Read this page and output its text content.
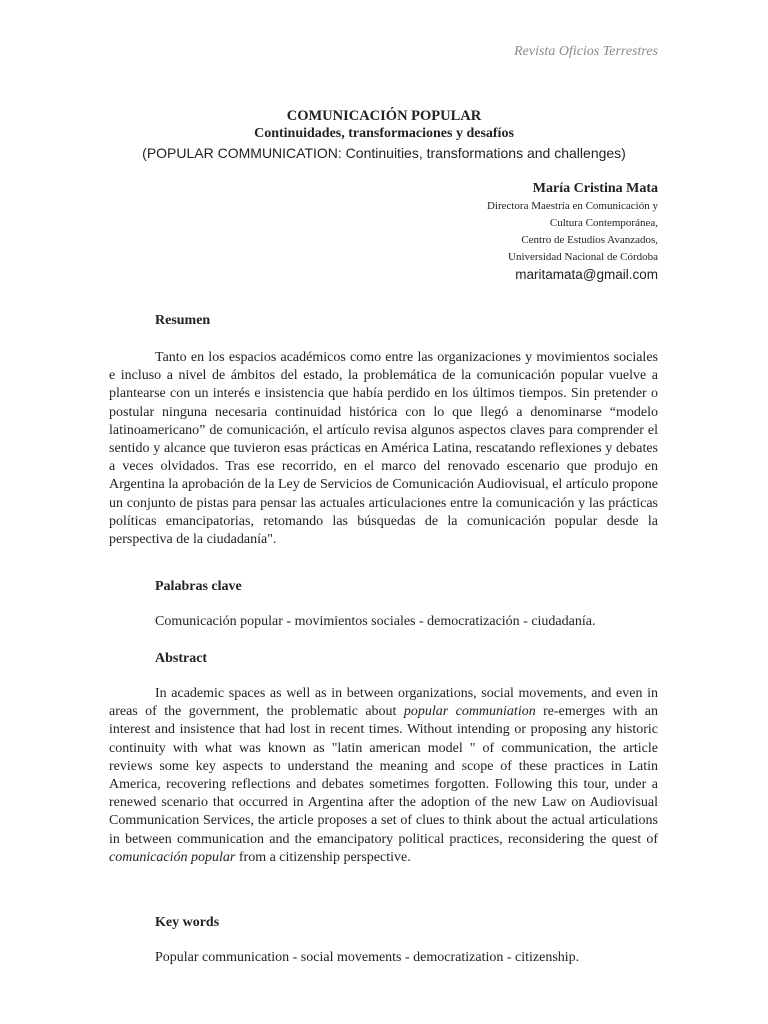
Revista Oficios Terrestres
COMUNICACIÓN POPULAR
Continuidades, transformaciones y desafíos
(POPULAR COMMUNICATION: Continuities, transformations and challenges)
María Cristina Mata
Directora Maestría en Comunicación y
Cultura Contemporánea,
Centro de Estudios Avanzados,
Universidad Nacional de Córdoba
maritamata@gmail.com
Resumen
Tanto en los espacios académicos como entre las organizaciones y movimientos sociales e incluso a nivel de ámbitos del estado, la problemática de la comunicación popular vuelve a plantearse con un interés e insistencia que había perdido en los últimos tiempos. Sin pretender o postular ninguna necesaria continuidad histórica con lo que llegó a denominarse “modelo latinoamericano” de comunicación, el artículo revisa algunos aspectos claves para comprender el sentido y alcance que tuvieron esas prácticas en América Latina, rescatando reflexiones y debates a veces olvidados. Tras ese recorrido, en el marco del renovado escenario que produjo en Argentina la aprobación de la Ley de Servicios de Comunicación Audiovisual, el artículo propone un conjunto de pistas para pensar las actuales articulaciones entre la comunicación y las prácticas políticas emancipatorias, retomando las búsquedas de la comunicación popular desde la perspectiva de la ciudadanía".
Palabras clave
Comunicación popular - movimientos sociales - democratización - ciudadanía.
Abstract
In academic spaces as well as in between organizations, social movements, and even in areas of the government, the problematic about popular communiation re-emerges with an interest and insistence that had lost in recent times. Without intending or proposing any historic continuity with what was known as "latin american model " of communication, the article reviews some key aspects to understand the meaning and scope of these practices in Latin America, recovering reflections and debates sometimes forgotten. Following this tour, under a renewed scenario that occurred in Argentina after the adoption of the new Law on Audiovisual Communication Services, the article proposes a set of clues to think about the actual articulations in between communication and the emancipatory political practices, reconsidering the quest of comunicación popular from a citizenship perspective.
Key words
Popular communication - social movements - democratization - citizenship.
